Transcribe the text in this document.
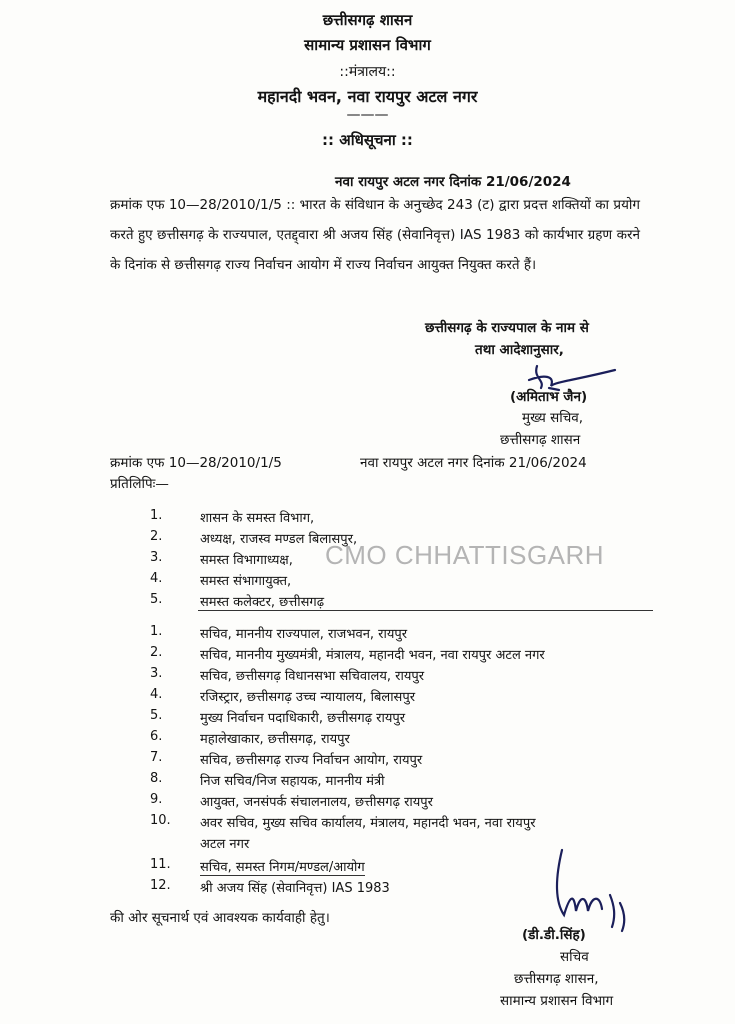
छत्तीसगढ़ शासन
सामान्य प्रशासन विभाग
::मंत्रालय::
महानदी भवन, नवा रायपुर अटल नगर
———
:: अधिसूचना ::
नवा रायपुर अटल नगर दिनांक 21/06/2024
क्रमांक एफ 10—28/2010/1/5 :: भारत के संविधान के अनुच्छेद 243 (ट) द्वारा प्रदत्त शक्तियों का प्रयोग करते हुए छत्तीसगढ़ के राज्यपाल, एतद्द्वारा श्री अजय सिंह (सेवानिवृत्त) IAS 1983 को कार्यभार ग्रहण करने के दिनांक से छत्तीसगढ़ राज्य निर्वाचन आयोग में राज्य निर्वाचन आयुक्त नियुक्त करते हैं।
छत्तीसगढ़ के राज्यपाल के नाम से
तथा आदेशानुसार,
(अमिताभ जैन)
मुख्य सचिव,
छत्तीसगढ़ शासन
क्रमांक एफ 10—28/2010/1/5	नवा रायपुर अटल नगर दिनांक 21/06/2024
प्रतिलिपिः—
1.	शासन के समस्त विभाग,
2.	अध्यक्ष, राजस्व मण्डल बिलासपुर,
3.	समस्त विभागाध्यक्ष,
4.	समस्त संभागायुक्त,
5.	समस्त कलेक्टर, छत्तीसगढ़
CMO CHHATTISGARH
1.	सचिव, माननीय राज्यपाल, राजभवन, रायपुर
2.	सचिव, माननीय मुख्यमंत्री, मंत्रालय, महानदी भवन, नवा रायपुर अटल नगर
3.	सचिव, छत्तीसगढ़ विधानसभा सचिवालय, रायपुर
4.	रजिस्ट्रार, छत्तीसगढ़ उच्च न्यायालय, बिलासपुर
5.	मुख्य निर्वाचन पदाधिकारी, छत्तीसगढ़ रायपुर
6.	महालेखाकार, छत्तीसगढ़, रायपुर
7.	सचिव, छत्तीसगढ़ राज्य निर्वाचन आयोग, रायपुर
8.	निज सचिव/निज सहायक, माननीय मंत्री
9.	आयुक्त, जनसंपर्क संचालनालय, छत्तीसगढ़ रायपुर
10.	अवर सचिव, मुख्य सचिव कार्यालय, मंत्रालय, महानदी भवन, नवा रायपुर
अटल नगर
11.	सचिव, समस्त निगम/मण्डल/आयोग
12.	श्री अजय सिंह (सेवानिवृत्त) IAS 1983
की ओर सूचनार्थ एवं आवश्यक कार्यवाही हेतु।
(डी.डी.सिंह)
सचिव
छत्तीसगढ़ शासन,
सामान्य प्रशासन विभाग
